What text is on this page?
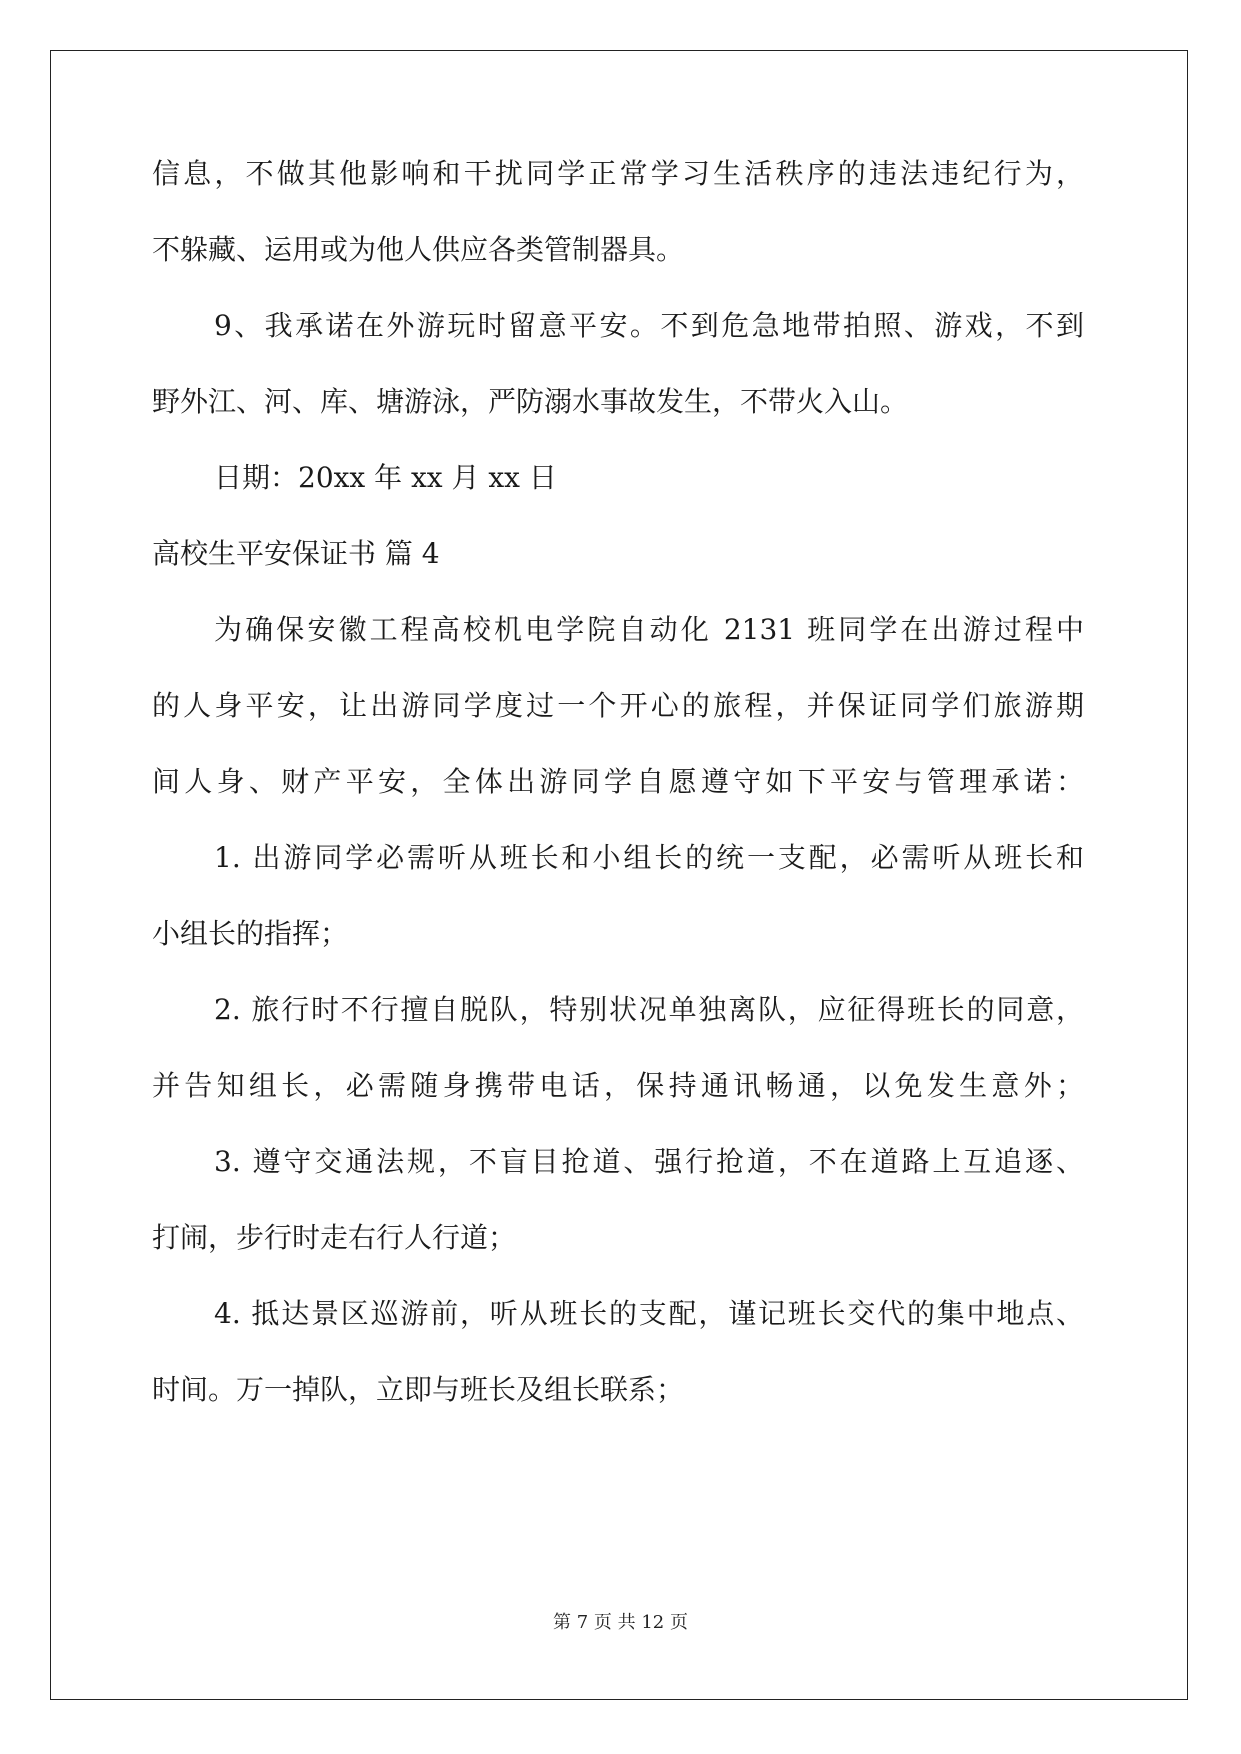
信息，不做其他影响和干扰同学正常学习生活秩序的违法违纪行为，
不躲藏、运用或为他人供应各类管制器具。
9、我承诺在外游玩时留意平安。不到危急地带拍照、游戏，不到
野外江、河、库、塘游泳，严防溺水事故发生，不带火入山。
日期：20xx 年 xx 月 xx 日
高校生平安保证书 篇 4
为确保安徽工程高校机电学院自动化 2131 班同学在出游过程中
的人身平安，让出游同学度过一个开心的旅程，并保证同学们旅游期
间人身、财产平安，全体出游同学自愿遵守如下平安与管理承诺：
1. 出游同学必需听从班长和小组长的统一支配，必需听从班长和
小组长的指挥；
2. 旅行时不行擅自脱队，特别状况单独离队，应征得班长的同意，
并告知组长，必需随身携带电话，保持通讯畅通，以免发生意外；
3. 遵守交通法规，不盲目抢道、强行抢道，不在道路上互追逐、
打闹，步行时走右行人行道；
4. 抵达景区巡游前，听从班长的支配，谨记班长交代的集中地点、
时间。万一掉队，立即与班长及组长联系；
第 7 页 共 12 页
